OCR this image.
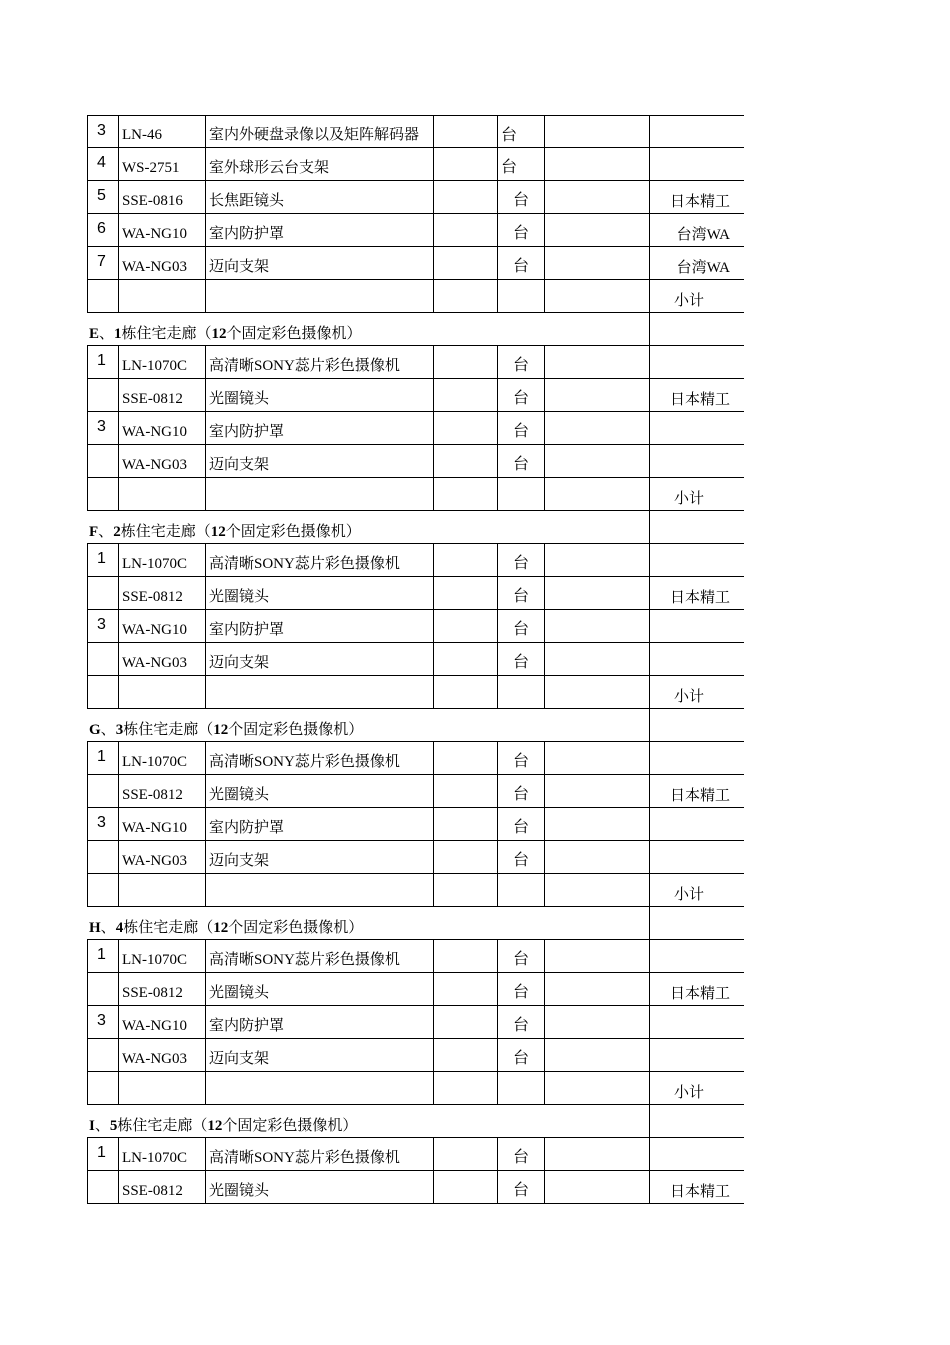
3 LN-46	室内外硬盘录像以及矩阵解码器	台
4 WS-2751 室外球形云台支架	台
5 SSE-0816 长焦距镜头	台	日本精工
6 WA-NG10 室内防护罩	台	台湾WA
7 WA-NG03 迈向支架	台	台湾WA
小计
E、1栋住宅走廊（12个固定彩色摄像机）
1 LN-1070C 高清晰SONY蕊片彩色摄像机	台
SSE-0812 光圈镜头	台	日本精工
3 WA-NG10 室内防护罩	台
WA-NG03 迈向支架	台
小计
F、2栋住宅走廊（12个固定彩色摄像机）
1 LN-1070C 高清晰SONY蕊片彩色摄像机	台
SSE-0812 光圈镜头	台	日本精工
3 WA-NG10 室内防护罩	台
WA-NG03 迈向支架	台
小计
G、3栋住宅走廊（12个固定彩色摄像机）
1 LN-1070C 高清晰SONY蕊片彩色摄像机	台
SSE-0812 光圈镜头	台	日本精工
3 WA-NG10 室内防护罩	台
WA-NG03 迈向支架	台
小计
H、4栋住宅走廊（12个固定彩色摄像机）
1 LN-1070C 高清晰SONY蕊片彩色摄像机	台
SSE-0812 光圈镜头	台	日本精工
3 WA-NG10 室内防护罩	台
WA-NG03 迈向支架	台
小计
I、5栋住宅走廊（12个固定彩色摄像机）
1 LN-1070C 高清晰SONY蕊片彩色摄像机	台
SSE-0812 光圈镜头	台	日本精工
